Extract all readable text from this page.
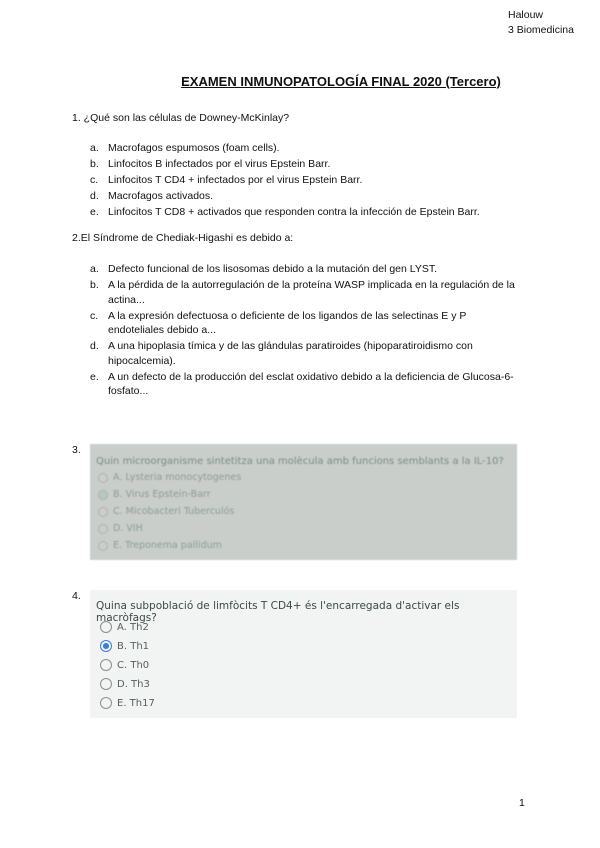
Halouw
3 Biomedicina
EXAMEN INMUNOPATOLOGÍA FINAL 2020 (Tercero)
1. ¿Qué son las células de Downey-McKinlay?
a. Macrofagos espumosos (foam cells).
b. Linfocitos B infectados por el virus Epstein Barr.
c. Linfocitos T CD4 + infectados por el virus Epstein Barr.
d. Macrofagos activados.
e. Linfocitos T CD8 + activados que responden contra la infección de Epstein Barr.
2.El Síndrome de Chediak-Higashi es debido a:
a. Defecto funcional de los lisosomas debido a la mutación del gen LYST.
b. A la pérdida de la autorregulación de la proteína WASP implicada en la regulación de la actina...
c. A la expresión defectuosa o deficiente de los ligandos de las selectinas E y P endoteliales debido a...
d. A una hipoplasia tímica y de las glándulas paratiroides (hipoparatiroidismo con hipocalcemia).
e. A un defecto de la producción del esclat oxidativo debido a la deficiencia de Glucosa-6-fosfato...
3.
Quin microorganisme sintetitza una molècula amb funcions semblants a la IL-10?
A. Lysteria monocytogenes
B. Virus Epstein-Barr
C. Micobacteri Tuberculós
D. VIH
E. Treponema pallidum
4.
Quina subpoblació de limfòcits T CD4+ és l'encarregada d'activar els macròfags?
A. Th2
B. Th1
C. Th0
D. Th3
E. Th17
1
